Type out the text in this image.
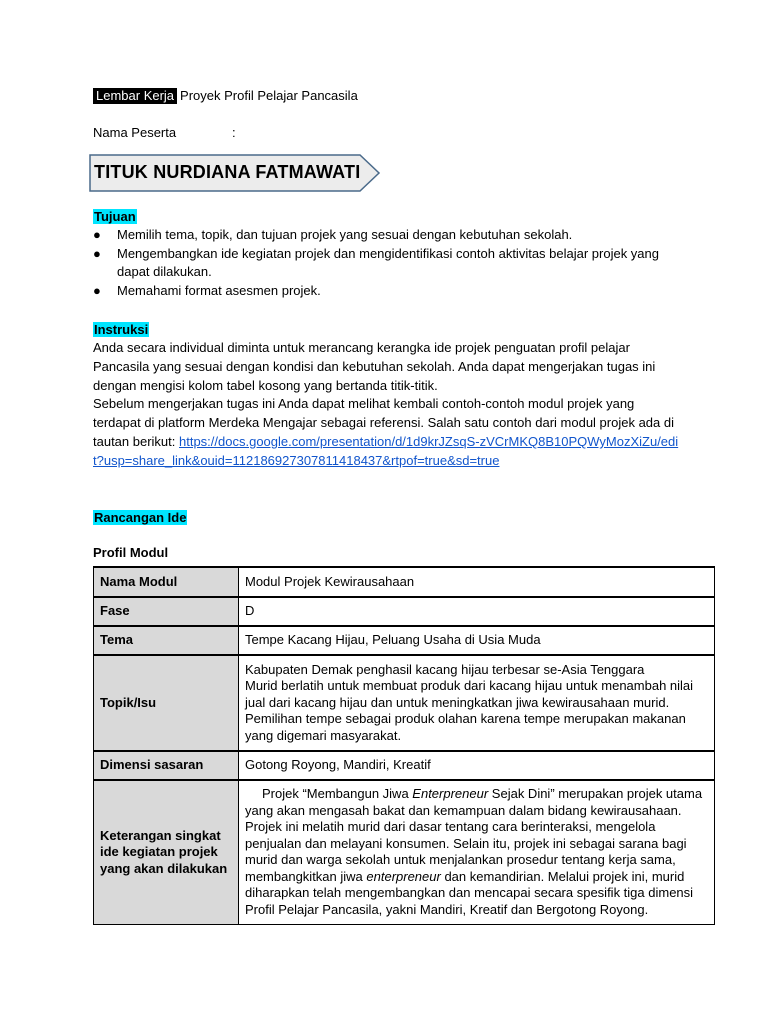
Lembar Kerja Proyek Profil Pelajar Pancasila
Nama Peserta	:
TITUK NURDIANA FATMAWATI
Tujuan
● Memilih tema, topik, dan tujuan projek yang sesuai dengan kebutuhan sekolah.
● Mengembangkan ide kegiatan projek dan mengidentifikasi contoh aktivitas belajar projek yang dapat dilakukan.
● Memahami format asesmen projek.
Instruksi
Anda secara individual diminta untuk merancang kerangka ide projek penguatan profil pelajar Pancasila yang sesuai dengan kondisi dan kebutuhan sekolah. Anda dapat mengerjakan tugas ini dengan mengisi kolom tabel kosong yang bertanda titik-titik.
Sebelum mengerjakan tugas ini Anda dapat melihat kembali contoh-contoh modul projek yang terdapat di platform Merdeka Mengajar sebagai referensi. Salah satu contoh dari modul projek ada di tautan berikut: https://docs.google.com/presentation/d/1d9krJZsqS-zVCrMKQ8B10PQWyMozXiZu/edit?usp=share_link&ouid=112186927307811418437&rtpof=true&sd=true
Rancangan Ide
Profil Modul
Nama Modul	Modul Projek Kewirausahaan
Fase	D
Tema	Tempe Kacang Hijau, Peluang Usaha di Usia Muda
Topik/Isu	Kabupaten Demak penghasil kacang hijau terbesar se-Asia Tenggara
Murid berlatih untuk membuat produk dari kacang hijau untuk menambah nilai jual dari kacang hijau dan untuk meningkatkan jiwa kewirausahaan murid. Pemilihan tempe sebagai produk olahan karena tempe merupakan makanan yang digemari masyarakat.

Dimensi sasaran	Gotong Royong, Mandiri, Kreatif
Keterangan singkat ide kegiatan projek yang akan dilakukan	Projek “Membangun Jiwa Enterpreneur Sejak Dini” merupakan projek utama yang akan mengasah bakat dan kemampuan dalam bidang kewirausahaan. Projek ini melatih murid dari dasar tentang cara berinteraksi, mengelola penjualan dan melayani konsumen. Selain itu, projek ini sebagai sarana bagi murid dan warga sekolah untuk menjalankan prosedur tentang kerja sama, membangkitkan jiwa enterpreneur dan kemandirian. Melalui projek ini, murid diharapkan telah mengembangkan dan mencapai secara spesifik tiga dimensi Profil Pelajar Pancasila, yakni Mandiri, Kreatif dan Bergotong Royong.
